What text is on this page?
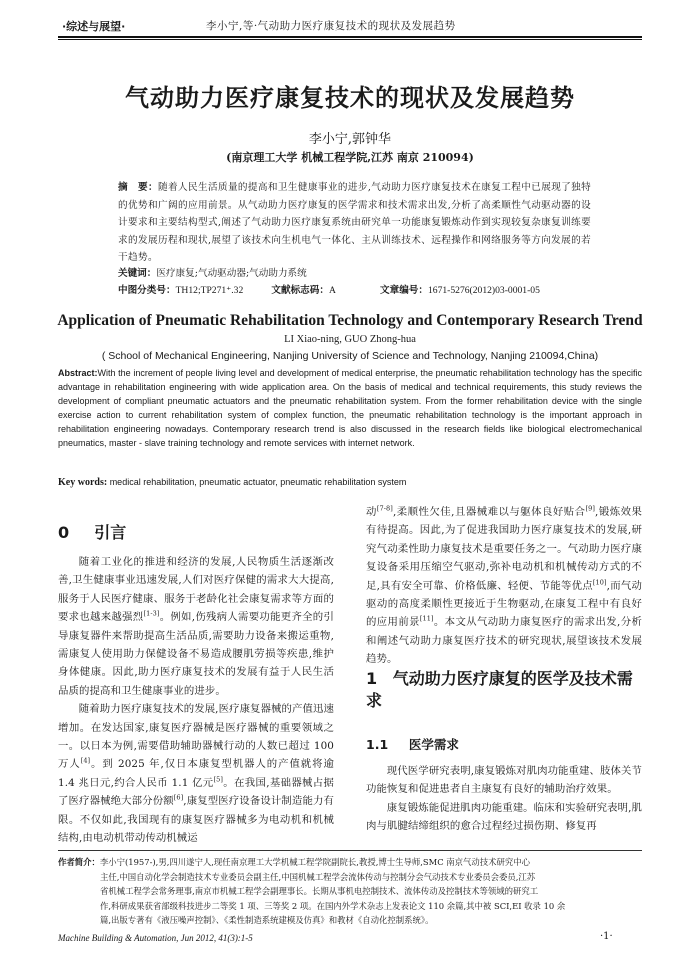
·综述与展望·	李小宁,等·气动助力医疗康复技术的现状及发展趋势
气动助力医疗康复技术的现状及发展趋势
李小宁,郭钟华
(南京理工大学 机械工程学院,江苏 南京 210094)
摘　要：随着人民生活质量的提高和卫生健康事业的进步,气动助力医疗康复技术在康复工程中已展现了独特的优势和广阔的应用前景。从气动助力医疗康复的医学需求和技术需求出发,分析了高柔顺性气动驱动器的设计要求和主要结构型式,阐述了气动助力医疗康复系统由研究单一功能康复锻炼动作到实现较复杂康复训练要求的发展历程和现状,展望了该技术向生机电气一体化、主从训练技术、远程操作和网络服务等方向发展的若干趋势。
关键词：医疗康复;气动驱动器;气动助力系统
中图分类号：TH12;TP271⁺.32	文献标志码：A	文章编号：1671-5276(2012)03-0001-05
Application of Pneumatic Rehabilitation Technology and Contemporary Research Trend
LI Xiao-ning, GUO Zhong-hua
( School of Mechanical Engineering, Nanjing University of Science and Technology, Nanjing 210094,China)
Abstract:With the increment of people living level and development of medical enterprise, the pneumatic rehabilitation technology has the specific advantage in rehabilitation engineering with wide application area. On the basis of medical and technical requirements, this study reviews the development of compliant pneumatic actuators and the pneumatic rehabilitation system. From the former rehabilitation device with the single exercise action to current rehabilitation system of complex function, the pneumatic rehabilitation technology is the important approach in rehabilitation engineering nowadays. Contemporary research trend is also discussed in the research fields like biological electromechanical pneumatics, master - slave training technology and remote services with internet network.
Key words: medical rehabilitation, pneumatic actuator, pneumatic rehabilitation system
0 引言

随着工业化的推进和经济的发展,人民物质生活逐渐改善,卫生健康事业迅速发展,人们对医疗保健的需求大大提高,服务于人民医疗健康、服务于老龄化社会康复需求等方面的要求也越来越强烈[1-3]。例如,伤残病人需要功能更齐全的引导康复器件来帮助提高生活品质,需要助力设备来搬运重物,需康复人使用助力保健设备不易造成腰肌劳损等疾患,维护身体健康。因此,助力医疗康复技术的发展有益于人民生活品质的提高和卫生健康事业的进步。

随着助力医疗康复技术的发展,医疗康复器械的产值迅速增加。在发达国家,康复医疗器械是医疗器械的重要领域之一。以日本为例,需要借助辅助器械行动的人数已超过 100 万人[4]。到 2025 年,仅日本康复型机器人的产值就将逾 1.4 兆日元,约合人民币 1.1 亿元[5]。在我国,基础器械占据了医疗器械绝大部分份额[6],康复型医疗设备设计制造能力有限。不仅如此,我国现有的康复医疗器械多为电动机和机械结构,由电动机带动传动机械运

动[7-8],柔顺性欠佳,且器械难以与躯体良好贴合[9],锻炼效果有待提高。因此,为了促进我国助力医疗康复技术的发展,研究气动柔性助力康复技术是重要任务之一。气动助力医疗康复设备采用压缩空气驱动,弥补电动机和机械传动方式的不足,具有安全可靠、价格低廉、轻便、节能等优点[10],而气动驱动的高度柔顺性更接近于生物驱动,在康复工程中有良好的应用前景[11]。本文从气动助力康复医疗的需求出发,分析和阐述气动助力康复医疗技术的研究现状,展望该技术发展趋势。

1 气动助力医疗康复的医学及技术需求
1.1 医学需求

现代医学研究表明,康复锻炼对肌肉功能重建、肢体关节功能恢复和促进患者自主康复有良好的辅助治疗效果。

康复锻炼能促进肌肉功能重建。临床和实验研究表明,肌肉与肌腱结缔组织的愈合过程经过损伤期、修复再

作者简介：李小宁(1957-),男,四川遂宁人,现任南京理工大学机械工程学院副院长,教授,博士生导师,SMC 南京气动技术研究中心
主任,中国自动化学会制造技术专业委员会副主任,中国机械工程学会流体传动与控制分会气动技术专业委员会委员,江苏
省机械工程学会常务理事,南京市机械工程学会副理事长。长期从事机电控制技术、流体传动及控制技术等领域的研究工
作,科研成果获省部级科技进步二等奖 1 项、三等奖 2 项。在国内外学术杂志上发表论文 110 余篇,其中被 SCI,EI 收录 10 余
篇,出版专著有《液压噪声控制》、《柔性制造系统建模及仿真》和教材《自动化控制系统》。
Machine Building & Automation, Jun 2012, 41(3):1-5	·1·
